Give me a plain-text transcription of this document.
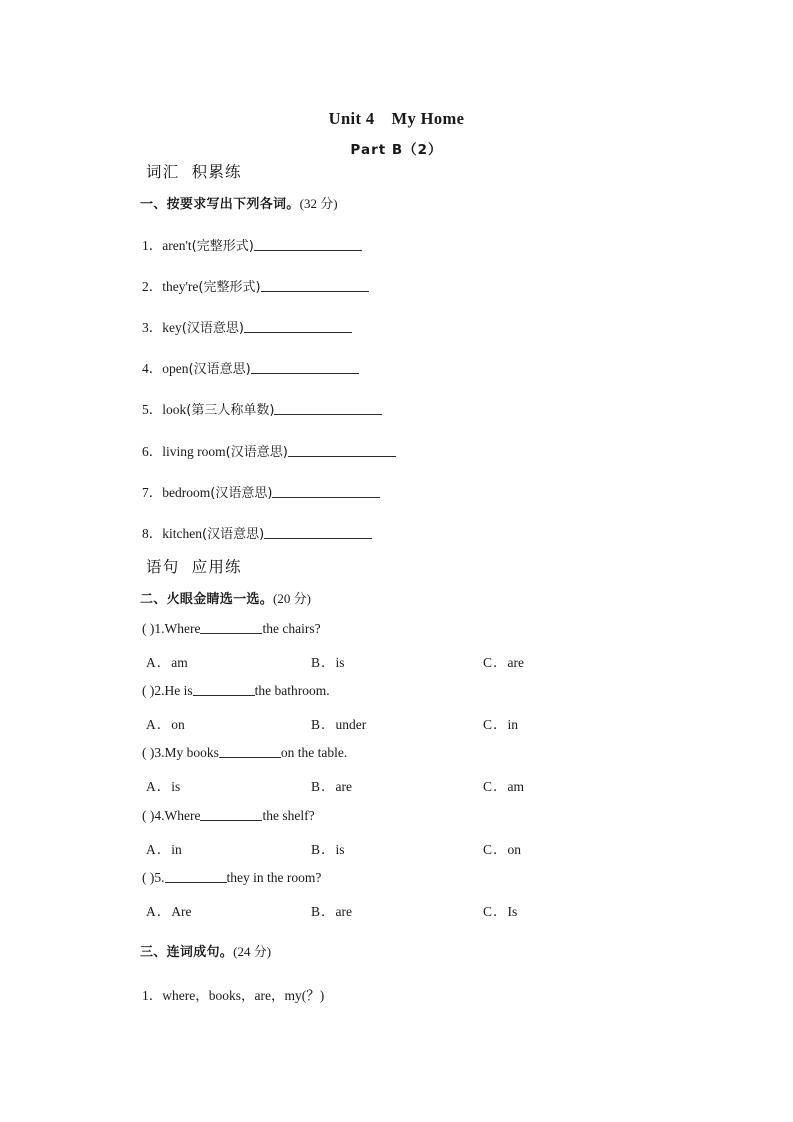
Unit 4　My Home
Part B（2）
词汇  积累练
一、按要求写出下列各词。(32 分)
1．aren't(完整形式)
2．they're(完整形式)
3．key(汉语意思)
4．open(汉语意思)
5．look(第三人称单数)
6．living room(汉语意思)
7．bedroom(汉语意思)
8．kitchen(汉语意思)
语句  应用练
二、火眼金睛选一选。(20 分)
( )1.Where	the chairs?
A．am	B．is	C．are
( )2.He is	the bathroom.
A．on	B．under	C．in
( )3.My books	on the table.
A．is	B．are	C．am
( )4.Where	the shelf?
A．in	B．is	C．on
( )5.	they in the room?
A．Are	B．are	C．Is
三、连词成句。(24 分)
1．where，books，are，my(？)
